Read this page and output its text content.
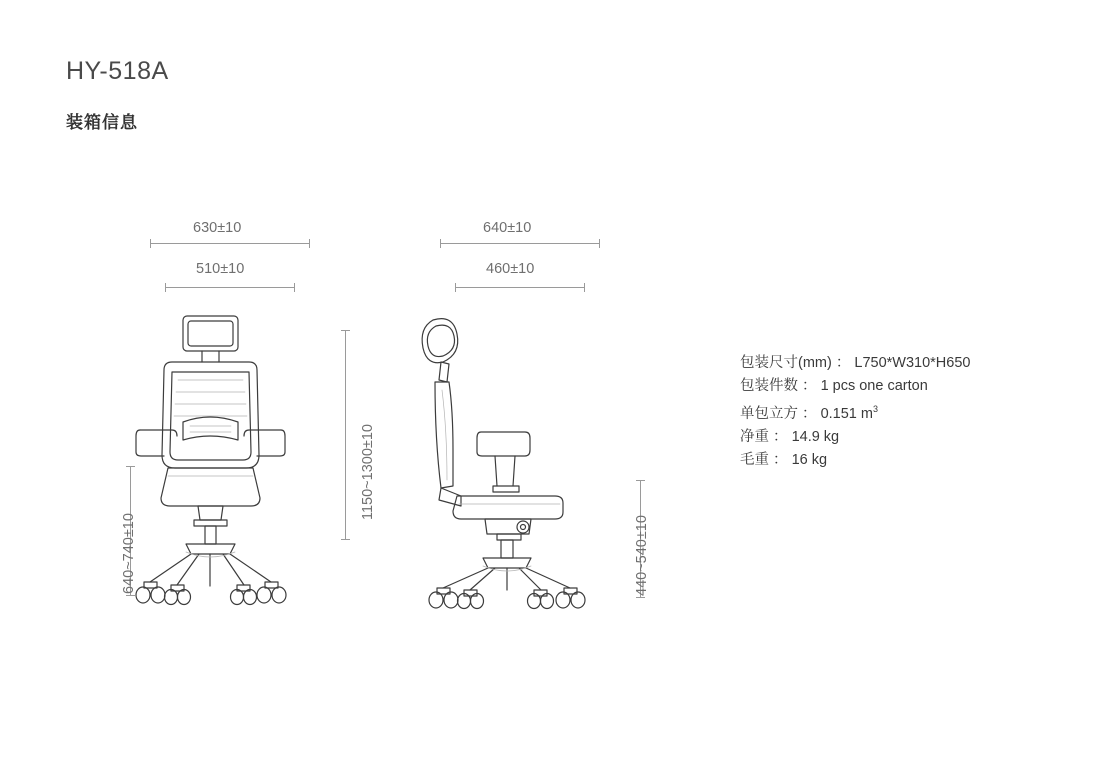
HY-518A
装箱信息
630±10
510±10
640~740±10
640±10
460±10
1150~1300±10
440~540±10
包装尺寸(mm) ： L750*W310*H650
包装件数 ： 1 pcs one carton
单包立方 ： 0.151 $m^3$
净重 ： 14.9 kg
毛重 ： 16 kg
